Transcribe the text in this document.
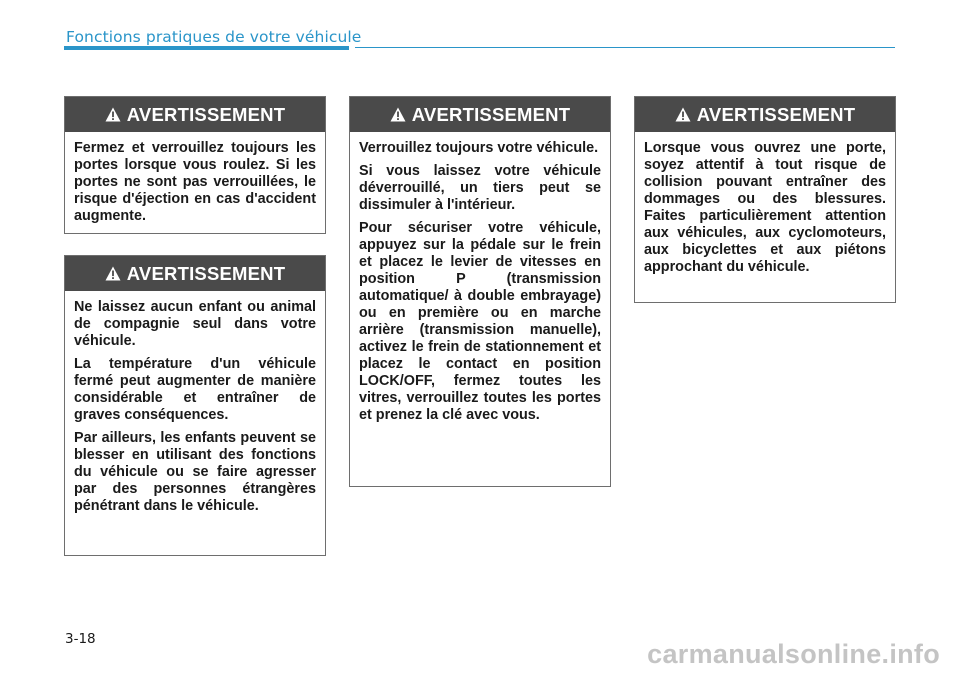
Fonctions pratiques de votre véhicule
AVERTISSEMENT

Fermez et verrouillez toujours les portes lorsque vous roulez. Si les portes ne sont pas verrouillées, le risque d'éjection en cas d'accident augmente.

AVERTISSEMENT

Ne laissez aucun enfant ou animal de compagnie seul dans votre véhicule.

La température d'un véhicule fermé peut augmenter de manière considérable et entraîner de graves conséquences.

Par ailleurs, les enfants peuvent se blesser en utilisant des fonctions du véhicule ou se faire agresser par des personnes étrangères pénétrant dans le véhicule.

AVERTISSEMENT

Verrouillez toujours votre véhicule.

Si vous laissez votre véhicule déverrouillé, un tiers peut se dissimuler à l'intérieur.

Pour sécuriser votre véhicule, appuyez sur la pédale sur le frein et placez le levier de vitesses en position P (transmission automatique/ à double embrayage) ou en première ou en marche arrière (transmission manuelle), activez le frein de stationnement et placez le contact en position LOCK/OFF, fermez toutes les vitres, verrouillez toutes les portes et prenez la clé avec vous.

AVERTISSEMENT

Lorsque vous ouvrez une porte, soyez attentif à tout risque de collision pouvant entraîner des dommages ou des blessures. Faites particulièrement attention aux véhicules, aux cyclomoteurs, aux bicyclettes et aux piétons approchant du véhicule.

3-18	carmanualsonline.info
